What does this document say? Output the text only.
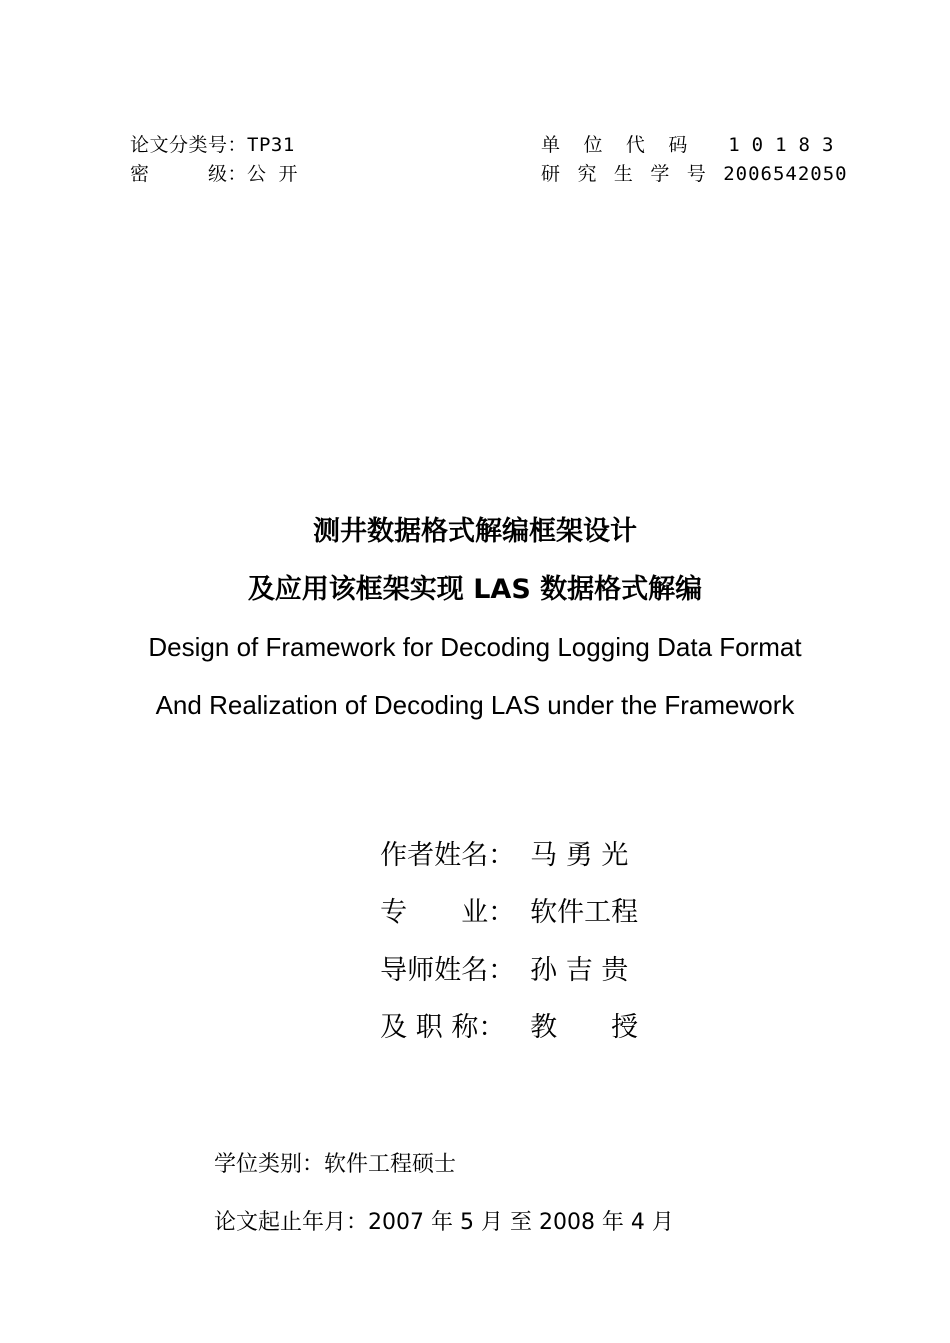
论文分类号：TP31
密　　　级：公 开
单 位 代 码 10183
研 究 生 学 号 2006542050
测井数据格式解编框架设计
及应用该框架实现 LAS 数据格式解编
Design of Framework for Decoding Logging Data Format
And Realization of Decoding LAS under the Framework

作者姓名： 马 勇 光

专　　业： 软件工程

导师姓名： 孙 吉 贵

及 职 称： 教　　授

学位类别：软件工程硕士
论文起止年月：2007 年 5 月 至 2008 年 4 月
